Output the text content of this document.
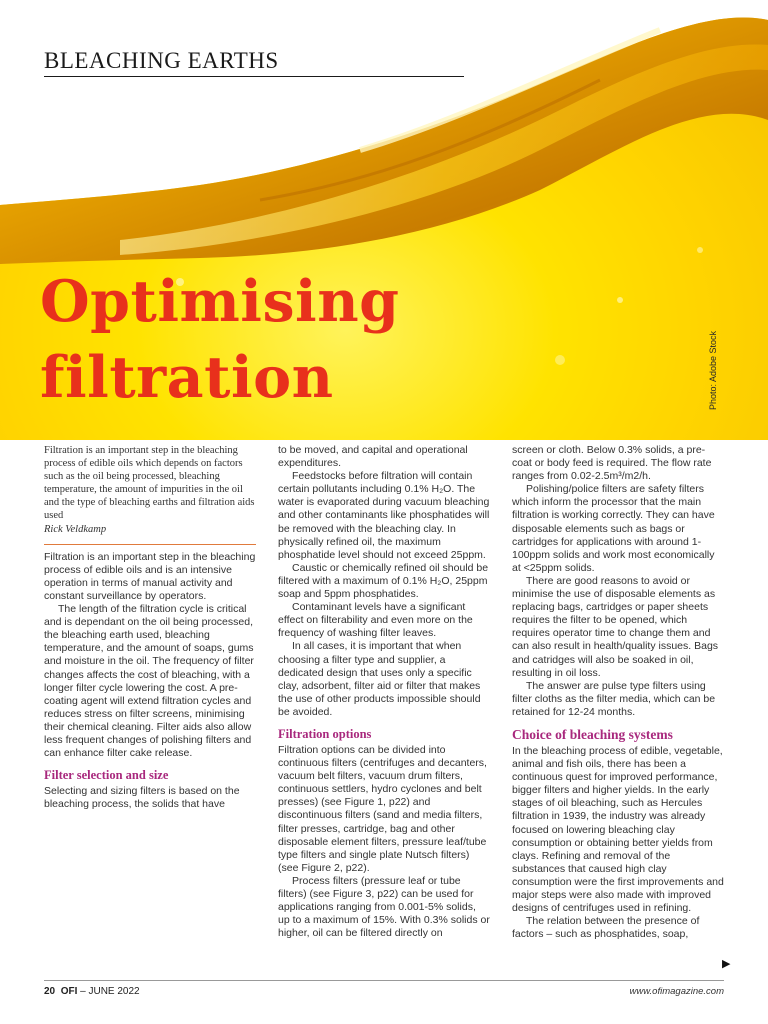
BLEACHING EARTHS
Optimising
filtration	Photo: Adobe Stock

Filtration is an important step in the bleaching process of edible oils which depends on factors such as the oil being processed, bleaching temperature, the amount of impurities in the oil and the type of bleaching earths and filtration aids used

Rick Veldkamp

Filtration is an important step in the bleaching process of edible oils and is an intensive operation in terms of manual activity and constant surveillance by operators.

The length of the filtration cycle is critical and is dependant on the oil being processed, the bleaching earth used, bleaching temperature, and the amount of soaps, gums and moisture in the oil. The frequency of filter changes affects the cost of bleaching, with a longer filter cycle lowering the cost. A pre-coating agent will extend filtration cycles and reduces stress on filter screens, minimising their chemical cleaning. Filter aids also allow less frequent changes of polishing filters and can enhance filter cake release.

Filter selection and size

Selecting and sizing filters is based on the bleaching process, the solids that have

to be moved, and capital and operational expenditures.

Feedstocks before filtration will contain certain pollutants including 0.1% H₂O. The water is evaporated during vacuum bleaching and other contaminants like phosphatides will be removed with the bleaching clay. In physically refined oil, the maximum phosphatide level should not exceed 25ppm.

Caustic or chemically refined oil should be filtered with a maximum of 0.1% H₂O, 25ppm soap and 5ppm phosphatides.

Contaminant levels have a significant effect on filterability and even more on the frequency of washing filter leaves.

In all cases, it is important that when choosing a filter type and supplier, a dedicated design that uses only a specific clay, adsorbent, filter aid or filter that makes the use of other products impossible should be avoided.

Filtration options

Filtration options can be divided into continuous filters (centrifuges and decanters, vacuum belt filters, vacuum drum filters, continuous settlers, hydro cyclones and belt presses) (see Figure 1, p22) and discontinuous filters (sand and media filters, filter presses, cartridge, bag and other disposable element filters, pressure leaf/tube type filters and single plate Nutsch filters) (see Figure 2, p22).

Process filters (pressure leaf or tube filters) (see Figure 3, p22) can be used for applications ranging from 0.001-5% solids, up to a maximum of 15%. With 0.3% solids or higher, oil can be filtered directly on

screen or cloth. Below 0.3% solids, a pre-coat or body feed is required. The flow rate ranges from 0.02-2.5m³/m2/h.

Polishing/police filters are safety filters which inform the processor that the main filtration is working correctly. They can have disposable elements such as bags or cartridges for applications with around 1-100ppm solids and work most economically at <25ppm solids.

There are good reasons to avoid or minimise the use of disposable elements as replacing bags, cartridges or paper sheets requires the filter to be opened, which requires operator time to change them and can also result in health/quality issues. Bags and catridges will also be soaked in oil, resulting in oil loss.

The answer are pulse type filters using filter cloths as the filter media, which can be retained for 12-24 months.

Choice of bleaching systems

In the bleaching process of edible, vegetable, animal and fish oils, there has been a continuous quest for improved performance, bigger filters and higher yields. In the early stages of oil bleaching, such as Hercules filtration in 1939, the industry was already focused on lowering bleaching clay consumption or obtaining better yields from clays. Refining and removal of the substances that caused high clay consumption were the first improvements and major steps were also made with improved designs of centrifuges used in refining.

The relation between the presence of factors – such as phosphatides, soap,

▶
20 OFI – JUNE 2022	www.ofimagazine.com
